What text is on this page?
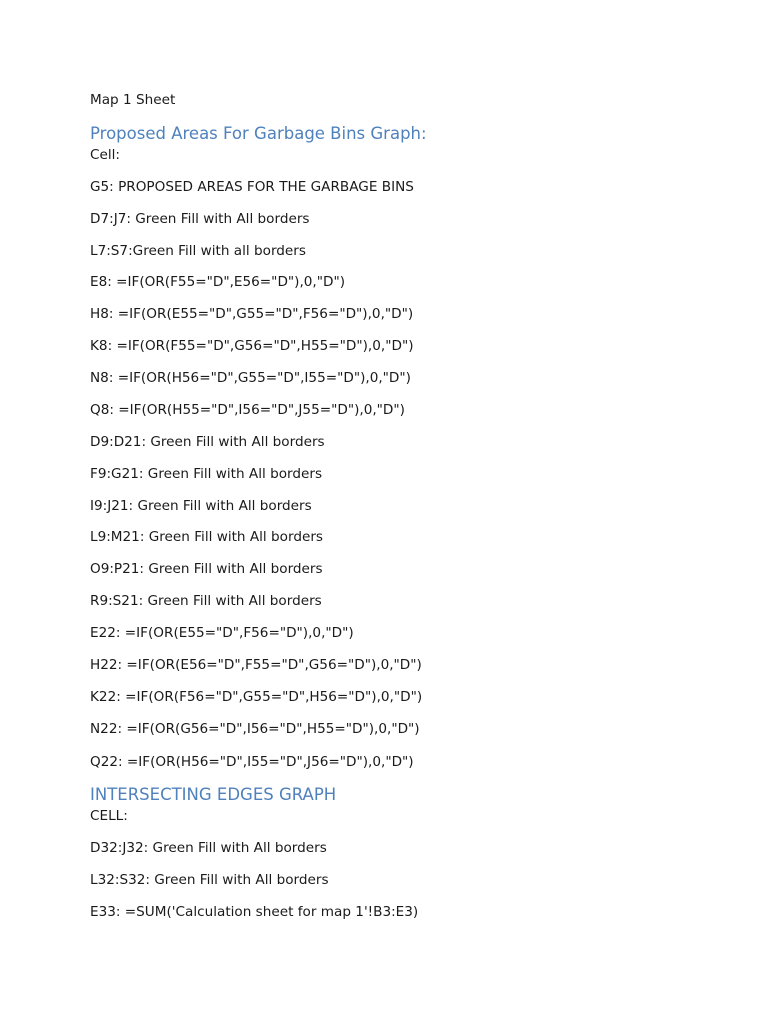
Map 1 Sheet
Proposed Areas For Garbage Bins Graph:
Cell:
G5: PROPOSED AREAS FOR THE GARBAGE BINS
D7:J7: Green Fill with All borders
L7:S7:Green Fill with all borders
E8: =IF(OR(F55="D",E56="D"),0,"D")
H8: =IF(OR(E55="D",G55="D",F56="D"),0,"D")
K8: =IF(OR(F55="D",G56="D",H55="D"),0,"D")
N8: =IF(OR(H56="D",G55="D",I55="D"),0,"D")
Q8: =IF(OR(H55="D",I56="D",J55="D"),0,"D")
D9:D21: Green Fill with All borders
F9:G21: Green Fill with All borders
I9:J21: Green Fill with All borders
L9:M21: Green Fill with All borders
O9:P21: Green Fill with All borders
R9:S21: Green Fill with All borders
E22: =IF(OR(E55="D",F56="D"),0,"D")
H22: =IF(OR(E56="D",F55="D",G56="D"),0,"D")
K22: =IF(OR(F56="D",G55="D",H56="D"),0,"D")
N22: =IF(OR(G56="D",I56="D",H55="D"),0,"D")
Q22: =IF(OR(H56="D",I55="D",J56="D"),0,"D")
INTERSECTING EDGES GRAPH
CELL:
D32:J32: Green Fill with All borders
L32:S32: Green Fill with All borders
E33: =SUM('Calculation sheet for map 1'!B3:E3)
